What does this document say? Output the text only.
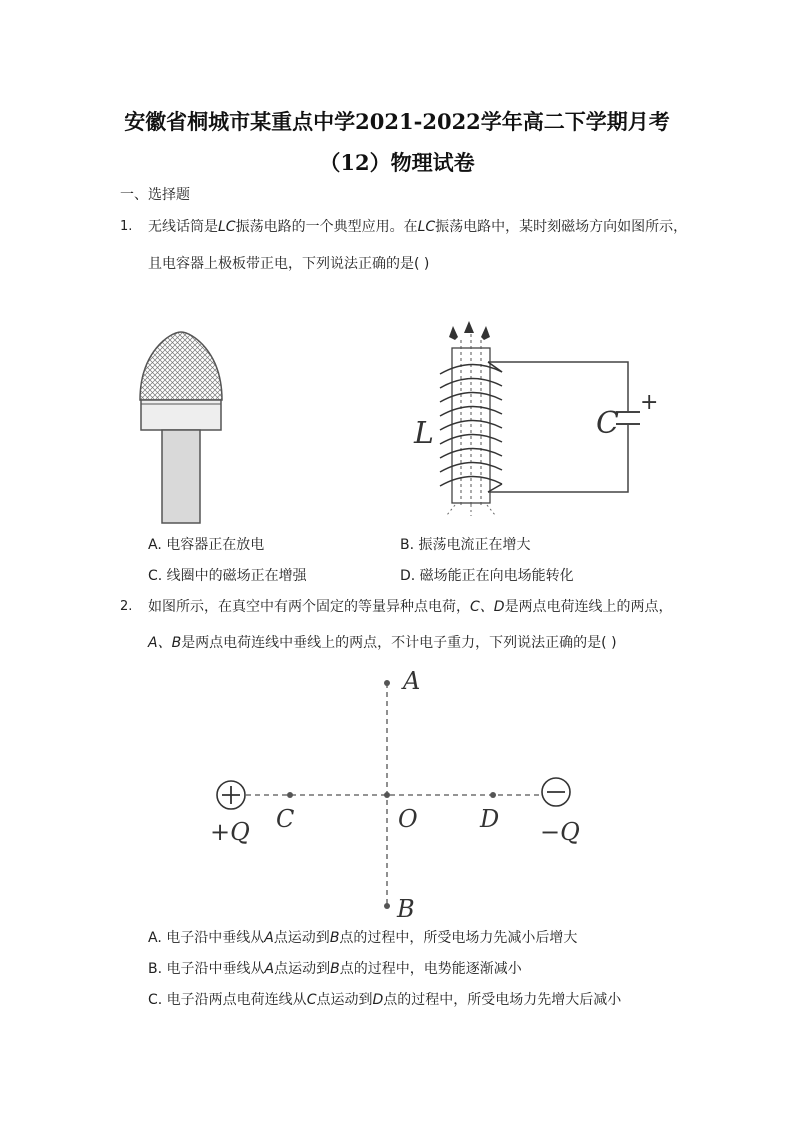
安徽省桐城市某重点中学2021-2022学年高二下学期月考
（12）物理试卷
一、选择题
1. 无线话筒是LC振荡电路的一个典型应用。在LC振荡电路中，某时刻磁场方向如图所示，
且电容器上极板带正电，下列说法正确的是( )
C
+
L
A. 电容器正在放电	B. 振荡电流正在增大
C. 线圈中的磁场正在增强	D. 磁场能正在向电场能转化
2. 如图所示，在真空中有两个固定的等量异种点电荷，C、D是两点电荷连线上的两点，
A、B是两点电荷连线中垂线上的两点，不计电子重力，下列说法正确的是( )
A
B
C	O	D
+Q	−Q
A. 电子沿中垂线从A点运动到B点的过程中，所受电场力先减小后增大
B. 电子沿中垂线从A点运动到B点的过程中，电势能逐渐减小
C. 电子沿两点电荷连线从C点运动到D点的过程中，所受电场力先增大后减小
